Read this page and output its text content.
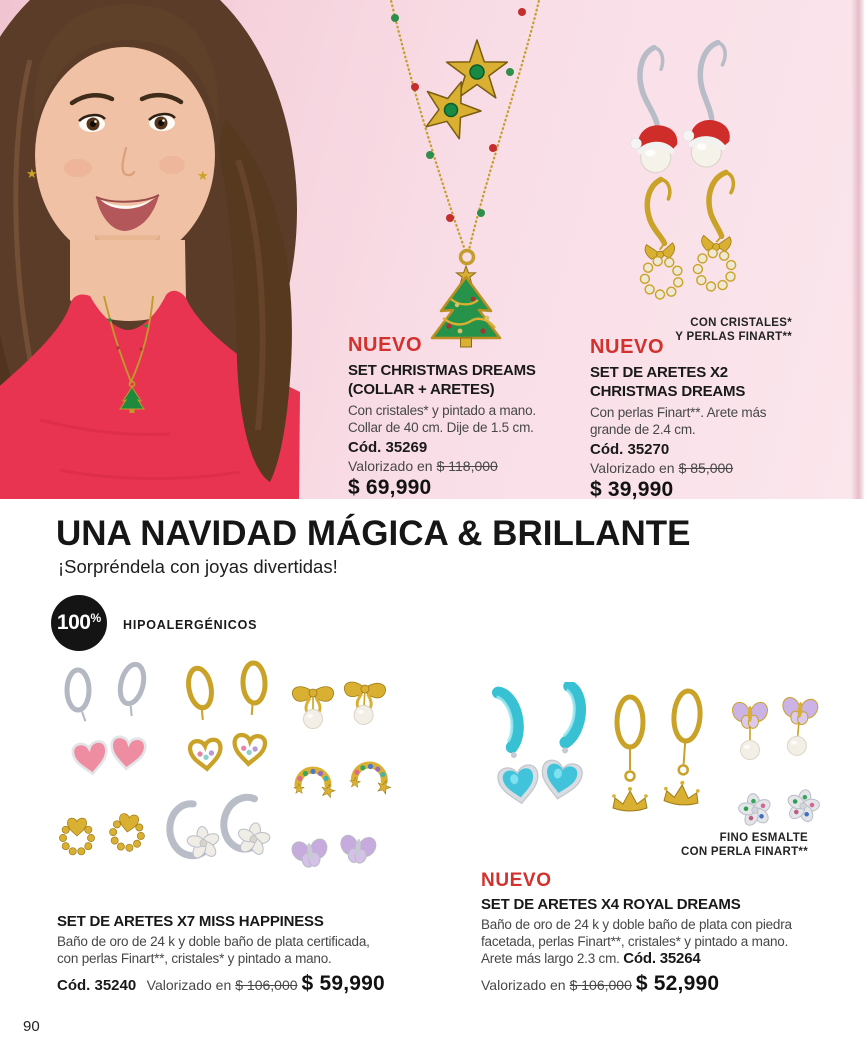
★	★
NUEVO
SET CHRISTMAS DREAMS
(COLLAR + ARETES)
Con cristales* y pintado a mano.
Collar de 40 cm. Dije de 1.5 cm.
Cód. 35269
Valorizado en $ 118,000
$ 69,990
CON CRISTALES*
Y PERLAS FINART**
NUEVO
SET DE ARETES X2
CHRISTMAS DREAMS
Con perlas Finart**. Arete más
grande de 2.4 cm.
Cód. 35270
Valorizado en $ 85,000
$ 39,990
UNA NAVIDAD MÁGICA & BRILLANTE
¡Sorpréndela con joyas divertidas!
100 % HIPOALERGÉNICOS
SET DE ARETES X7 MISS HAPPINESS
Baño de oro de 24 k y doble baño de plata certificada,
con perlas Finart**, cristales* y pintado a mano.
Cód. 35240 Valorizado en $ 106,000 $ 59,990
FINO ESMALTE
CON PERLA FINART**
NUEVO
SET DE ARETES X4 ROYAL DREAMS
Baño de oro de 24 k y doble baño de plata con piedra
facetada, perlas Finart**, cristales* y pintado a mano.
Arete más largo 2.3 cm. Cód. 35264
Valorizado en $ 106,000 $ 52,990
90
